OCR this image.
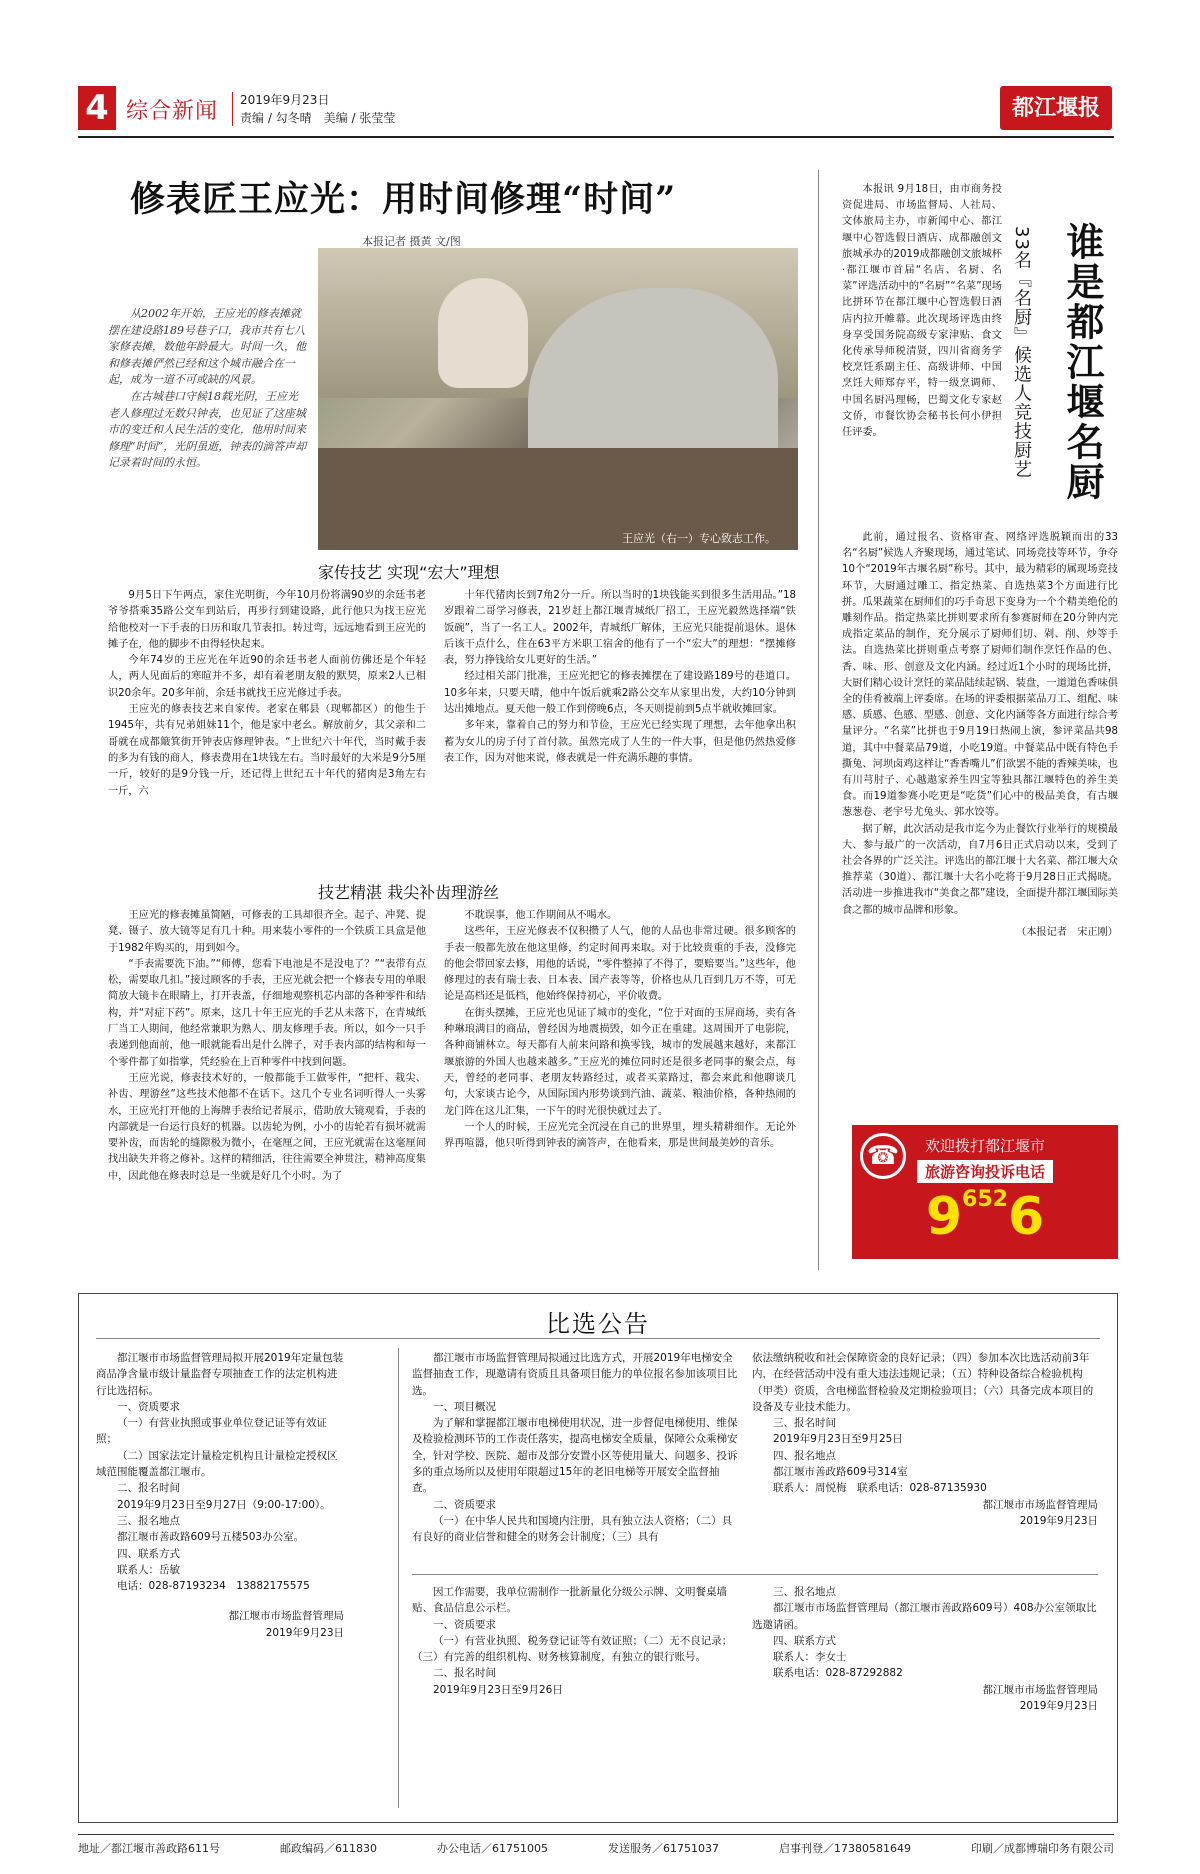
4 综合新闻 2019年9月23日
责编 / 勾冬晴　美编 / 张莹莹	都江堰报
修表匠王应光：用时间修理“时间”
本报记者 摄黄 文/图

从2002年开始，王应光的修表摊就摆在建设路189号巷子口，我市共有七八家修表摊，数他年龄最大。时间一久，他和修表摊俨然已经和这个城市融合在一起，成为一道不可或缺的风景。

在古城巷口守候18载光阴，王应光老人修理过无数只钟表，也见证了这座城市的变迁和人民生活的变化，他用时间来修理“时间”，光阴虽逝，钟表的滴答声却记录着时间的永恒。

王应光（右一）专心致志工作。
家传技艺 实现“宏大”理想

9月5日下午两点，家住光明街，今年10月份将满90岁的余廷书老爷爷搭乘35路公交车到站后，再步行到建设路，此行他只为找王应光给他校对一下手表的日历和取几节表扣。转过弯，远远地看到王应光的摊子在，他的脚步不由得轻快起来。

今年74岁的王应光在年近90的余廷书老人面前仿佛还是个年轻人，两人见面后的寒暄并不多，却有着老朋友般的默契，原来2人已相识20余年。20多年前，余廷书就找王应光修过手表。

王应光的修表技艺来自家传。老家在郫县（现郫都区）的他生于1945年，共有兄弟姐妹11个，他是家中老幺。解放前夕，其父亲和二哥就在成都簸箕街开钟表店修理钟表。“上世纪六十年代，当时戴手表的多为有钱的商人，修表费用在1块钱左右。当时最好的大米是9分5厘一斤，较好的是9分钱一斤，还记得上世纪五十年代的猪肉是3角左右一斤，六

十年代猪肉长到7角2分一斤。所以当时的1块钱能买到很多生活用品。”18岁跟着二哥学习修表，21岁赶上都江堰青城纸厂招工，王应光毅然选择端“铁饭碗”，当了一名工人。2002年，青城纸厂解体，王应光只能提前退休。退休后该干点什么，住在63平方米职工宿舍的他有了一个“宏大”的理想：“摆摊修表，努力挣钱给女儿更好的生活。”

经过相关部门批准，王应光把它的修表摊摆在了建设路189号的巷道口。10多年来，只要天晴，他中午饭后就乘2路公交车从家里出发，大约10分钟到达出摊地点。夏天他一般工作到傍晚6点，冬天则提前到5点半就收摊回家。

多年来，靠着自己的努力和节俭，王应光已经实现了理想，去年他拿出积蓄为女儿的房子付了首付款。虽然完成了人生的一件大事，但是他仍然热爱修表工作，因为对他来说，修表就是一件充满乐趣的事情。

技艺精湛 栽尖补齿理游丝

王应光的修表摊虽简陋，可修表的工具却很齐全。起子、冲凳、提凳、镊子、放大镜等足有几十种。用来装小零件的一个铁质工具盒是他于1982年购买的，用到如今。

“手表需要洗下油。”“师傅，您看下电池是不是没电了？”“表带有点松，需要取几扣。”接过顾客的手表，王应光就会把一个修表专用的单眼简放大镜卡在眼睛上，打开表盖，仔细地观察机芯内部的各种零件和结构，并“对症下药”。原来，这几十年王应光的手艺从未落下，在青城纸厂当工人期间，他经常兼职为熟人、朋友修理手表。所以，如今一只手表递到他面前，他一眼就能看出是什么牌子，对手表内部的结构和每一个零件都了如指掌，凭经验在上百种零件中找到问题。

王应光说，修表技术好的，一般都能手工做零件，“把杆、栽尖、补齿、理游丝”这些技术他都不在话下。这几个专业名词听得人一头雾水，王应光打开他的上海牌手表给记者展示，借助放大镜观看，手表的内部就是一台运行良好的机器。以齿轮为例，小小的齿轮若有损坏就需要补齿，而齿轮的缝隙极为微小，在毫厘之间，王应光就需在这毫厘间找出缺失并将之修补。这样的精细活，往往需要全神贯注，精神高度集中，因此他在修表时总是一坐就是好几个小时。为了

不耽误事，他工作期间从不喝水。

这些年，王应光修表不仅积攒了人气，他的人品也非常过硬。很多顾客的手表一般都先放在他这里修，约定时间再来取。对于比较贵重的手表，没修完的他会带回家去修，用他的话说，“零件整掉了不得了，要赔要当。”这些年，他修理过的表有瑞士表、日本表、国产表等等，价格也从几百到几万不等，可无论是高档还是低档，他始终保持初心，平价收费。

在街头摆摊，王应光也见证了城市的变化，“位于对面的玉屏商场，卖有各种琳琅满目的商品，曾经因为地震损毁，如今正在重建。这周围开了电影院，各种商铺林立。每天都有人前来问路和换零钱，城市的发展越来越好，来都江堰旅游的外国人也越来越多。”王应光的摊位同时还是很多老同事的聚会点，每天，曾经的老同事、老朋友转路经过，或者买菜路过，都会来此和他聊谈几句，大家谈古论今，从国际国内形势谈到汽油、蔬菜、粮油价格，各种热闹的龙门阵在这儿汇集，一下午的时光很快就过去了。

一个人的时候，王应光完全沉浸在自己的世界里，埋头精耕细作。无论外界再喧嚣，他只听得到钟表的滴答声，在他看来，那是世间最美妙的音乐。

谁是都江堰名厨
33名『名厨』候选人竞技厨艺

本报讯 9月18日，由市商务投资促进局、市场监督局、人社局、文体旅局主办，市新闻中心、都江堰中心智选假日酒店、成都融创文旅城承办的2019成都融创文旅城杯·都江堰市首届“名店、名厨、名菜”评选活动中的“名厨”“名菜”现场比拼环节在都江堰中心智选假日酒店内拉开帷幕。此次现场评选由终身享受国务院高级专家津贴、食文化传承导师税清贤，四川省商务学校烹饪系副主任、高级讲师、中国烹饪大师郑存平，特一级烹调师、中国名厨冯理畅，巴蜀文化专家赵文侨，市餐饮协会秘书长何小伊担任评委。

此前，通过报名、资格审查、网络评选脱颖而出的33名“名厨”候选人齐聚现场，通过笔试、同场竞技等环节，争夺10个“2019年古堰名厨”称号。其中，最为精彩的属现场竞技环节，大厨通过雕工、指定热菜、自选热菜3个方面进行比拼。瓜果蔬菜在厨师们的巧手奇思下变身为一个个精美绝伦的雕刻作品。指定热菜比拼则要求所有参赛厨师在20分钟内完成指定菜品的制作，充分展示了厨师们切、剁、削、炒等手法。自选热菜比拼则重点考察了厨师们制作烹饪作品的色、香、味、形、创意及文化内涵。经过近1个小时的现场比拼，大厨们精心设计烹饪的菜品陆续起锅、装盘，一道道色香味俱全的佳肴被端上评委席。在场的评委根据菜品刀工、组配、味感、质感、色感、型感、创意、文化内涵等各方面进行综合考量评分。“名菜”比拼也于9月19日热闹上演，参评菜品共98道，其中中餐菜品79道，小吃19道。中餐菜品中既有特色手撕兔、河坝卤鸡这样让“香香嘴儿”们欲罢不能的香辣美味，也有川芎肘子、心越遨家养生四宝等独具都江堰特色的养生美食。而19道参赛小吃更是“吃货”们心中的极品美食，有古堰葱葱卷、老宇号尤兔头、郭水饺等。

据了解，此次活动是我市迄今为止餐饮行业举行的规模最大、参与最广的一次活动，自7月6日正式启动以来，受到了社会各界的广泛关注。评选出的都江堰十大名菜、都江堰大众推荐菜（30道）、都江堰十大名小吃将于9月28日正式揭晓。活动进一步推进我市“美食之都”建设，全面提升都江堰国际美食之都的城市品牌和形象。

（本报记者　宋正刚）

☎	欢迎拨打都江堰市
旅游咨询投诉电话
96526
比选公告
都江堰市市场监督管理局拟开展2019年定量包装商品净含量市级计量监督专项抽查工作的法定机构进行比选招标。
一、资质要求
（一）有营业执照或事业单位登记证等有效证照；
（二）国家法定计量检定机构且计量检定授权区域范围能覆盖都江堰市。
二、报名时间
2019年9月23日至9月27日（9:00-17:00）。
三、报名地点
都江堰市善政路609号五楼503办公室。
四、联系方式
联系人：岳敏
电话：028-87193234　13882175575
都江堰市市场监督管理局
2019年9月23日
都江堰市市场监督管理局拟通过比选方式，开展2019年电梯安全监督抽查工作，现邀请有资质且具备项目能力的单位报名参加该项目比选。
一、项目概况
为了解和掌握都江堰市电梯使用状况，进一步督促电梯使用、维保及检验检测环节的工作责任落实，提高电梯安全质量，保障公众乘梯安全，针对学校、医院、超市及部分安置小区等使用量大、问题多、投诉多的重点场所以及使用年限超过15年的老旧电梯等开展安全监督抽查。
二、资质要求
（一）在中华人民共和国境内注册，具有独立法人资格；（二）具有良好的商业信誉和健全的财务会计制度；（三）具有
依法缴纳税收和社会保障资金的良好记录；（四）参加本次比选活动前3年内，在经营活动中没有重大违法违规记录；（五）特种设备综合检验机构（甲类）资质，含电梯监督检验及定期检验项目；（六）具备完成本项目的设备及专业技术能力。
三、报名时间
2019年9月23日至9月25日
四、报名地点
都江堰市善政路609号314室
联系人：周悦梅　联系电话：028-87135930
都江堰市市场监督管理局
2019年9月23日
因工作需要，我单位需制作一批新量化分级公示牌、文明餐桌墙贴、食品信息公示栏。
一、资质要求
（一）有营业执照、税务登记证等有效证照；（二）无不良记录；（三）有完善的组织机构、财务核算制度，有独立的银行账号。
二、报名时间
2019年9月23日至9月26日
三、报名地点
都江堰市市场监督管理局（都江堰市善政路609号）408办公室领取比选邀请函。
四、联系方式
联系人：李女士
联系电话：028-87292882
都江堰市市场监督管理局
2019年9月23日
地址／都江堰市善政路611号	邮政编码／611830	办公电话／61751005	发送服务／61751037	启事刊登／17380581649	印刷／成都博瑞印务有限公司
